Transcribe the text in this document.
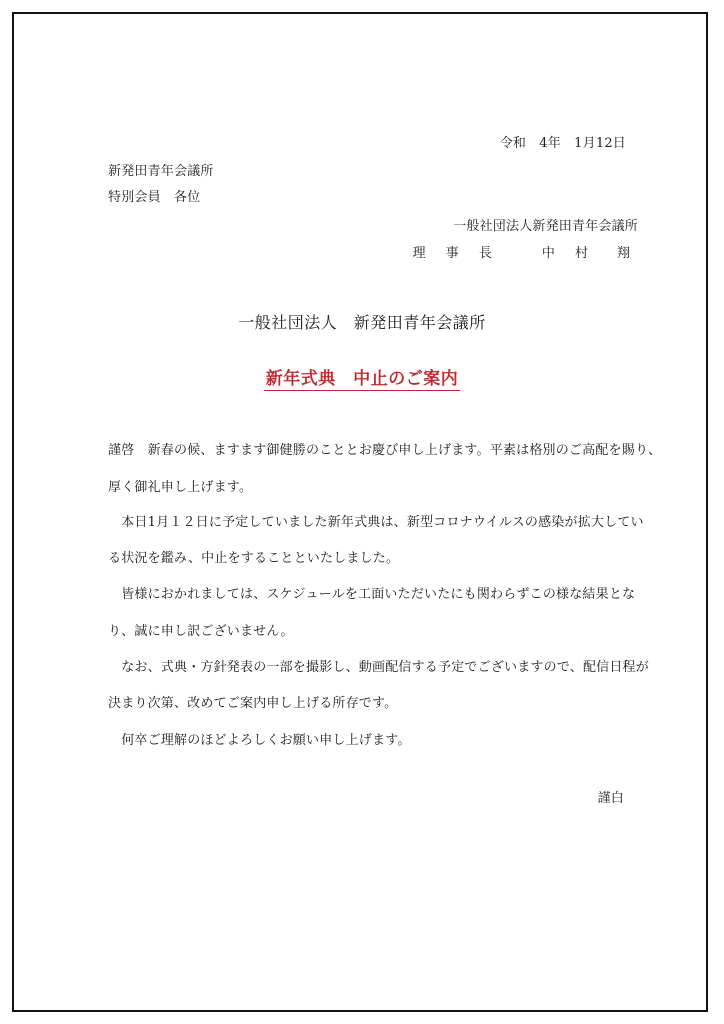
令和　4年　1月12日
新発田青年会議所
特別会員　各位
一般社団法人新発田青年会議所
理 事 長　　中 村　翔
一般社団法人　新発田青年会議所
新年式典　中止のご案内
謹啓　新春の候、ますます御健勝のこととお慶び申し上げます。平素は格別のご高配を賜り、
厚く御礼申し上げます。
　本日1月１２日に予定していました新年式典は、新型コロナウイルスの感染が拡大してい
る状況を鑑み、中止をすることといたしました。
　皆様におかれましては、スケジュールを工面いただいたにも関わらずこの様な結果とな
り、誠に申し訳ございません。
　なお、式典・方針発表の一部を撮影し、動画配信する予定でございますので、配信日程が
決まり次第、改めてご案内申し上げる所存です。
　何卒ご理解のほどよろしくお願い申し上げます。
謹白
